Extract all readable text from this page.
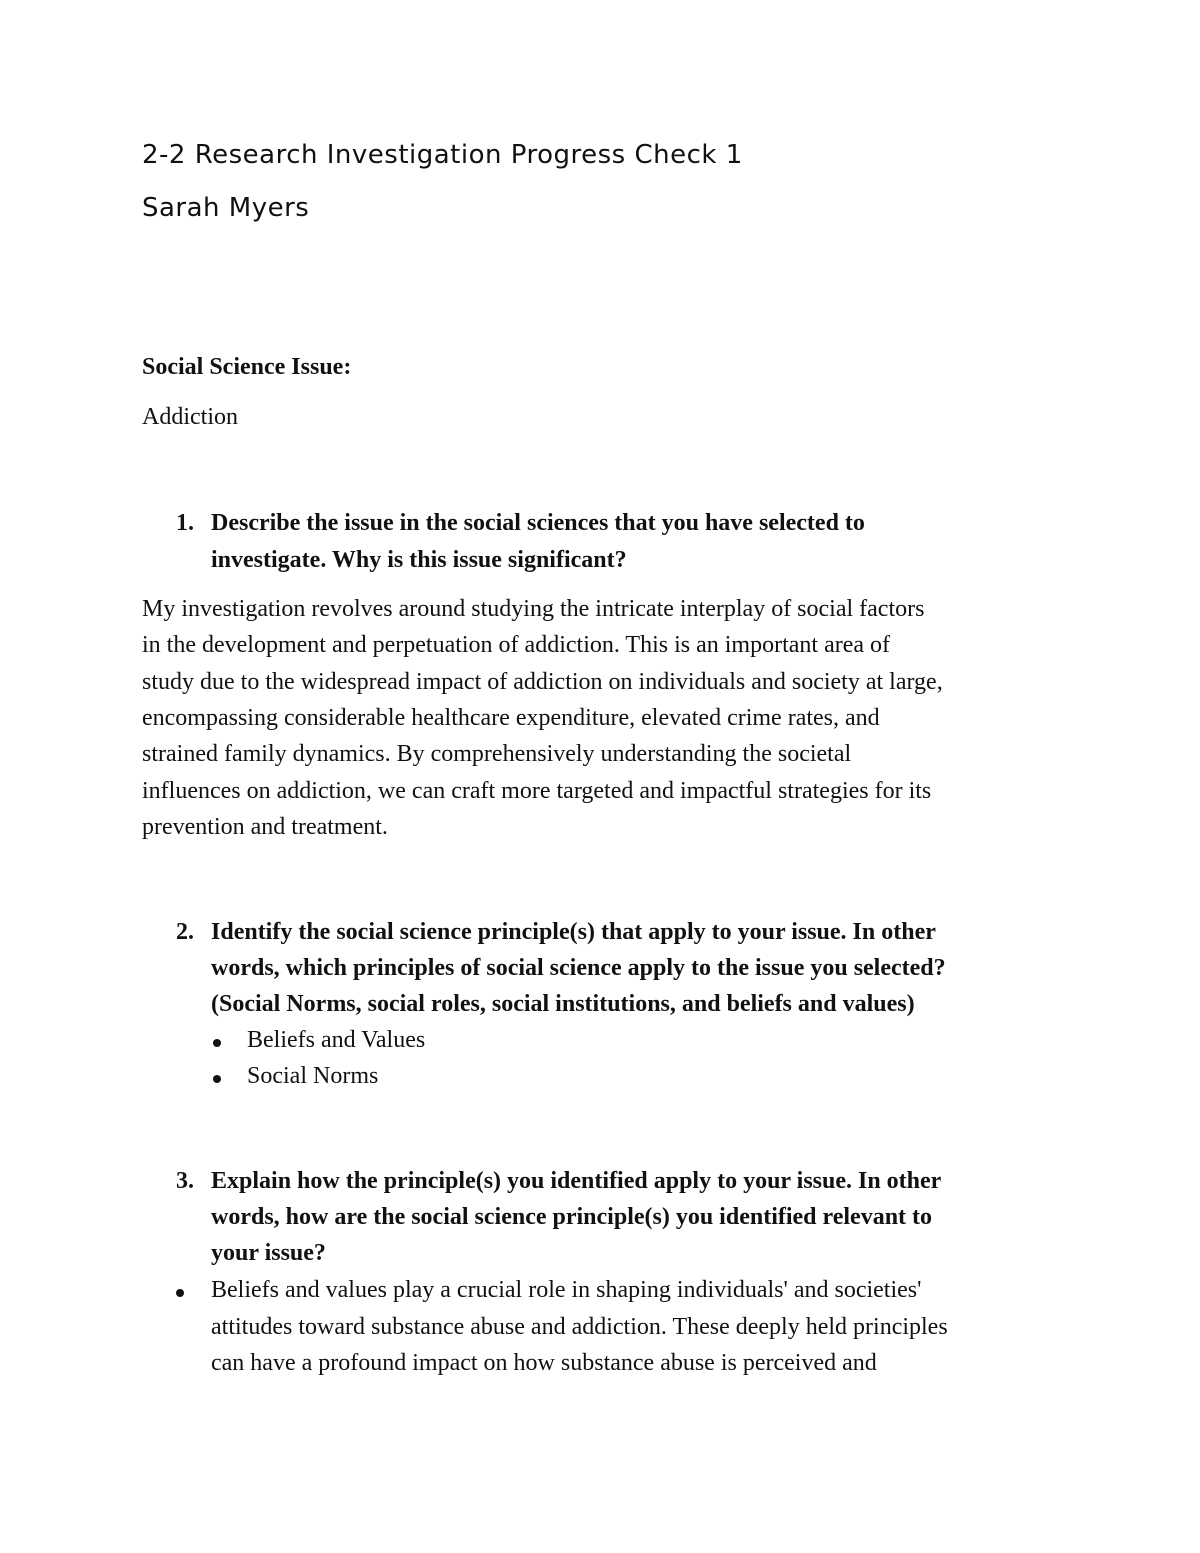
2-2 Research Investigation Progress Check 1
Sarah Myers
Social Science Issue:
Addiction
1. Describe the issue in the social sciences that you have selected to
investigate. Why is this issue significant?
My investigation revolves around studying the intricate interplay of social factors
in the development and perpetuation of addiction. This is an important area of
study due to the widespread impact of addiction on individuals and society at large,
encompassing considerable healthcare expenditure, elevated crime rates, and
strained family dynamics. By comprehensively understanding the societal
influences on addiction, we can craft more targeted and impactful strategies for its
prevention and treatment.
2. Identify the social science principle(s) that apply to your issue. In other
words, which principles of social science apply to the issue you selected?
(Social Norms, social roles, social institutions, and beliefs and values)
Beliefs and Values
Social Norms
3. Explain how the principle(s) you identified apply to your issue. In other
words, how are the social science principle(s) you identified relevant to
your issue?
Beliefs and values play a crucial role in shaping individuals' and societies'
attitudes toward substance abuse and addiction. These deeply held principles
can have a profound impact on how substance abuse is perceived and
